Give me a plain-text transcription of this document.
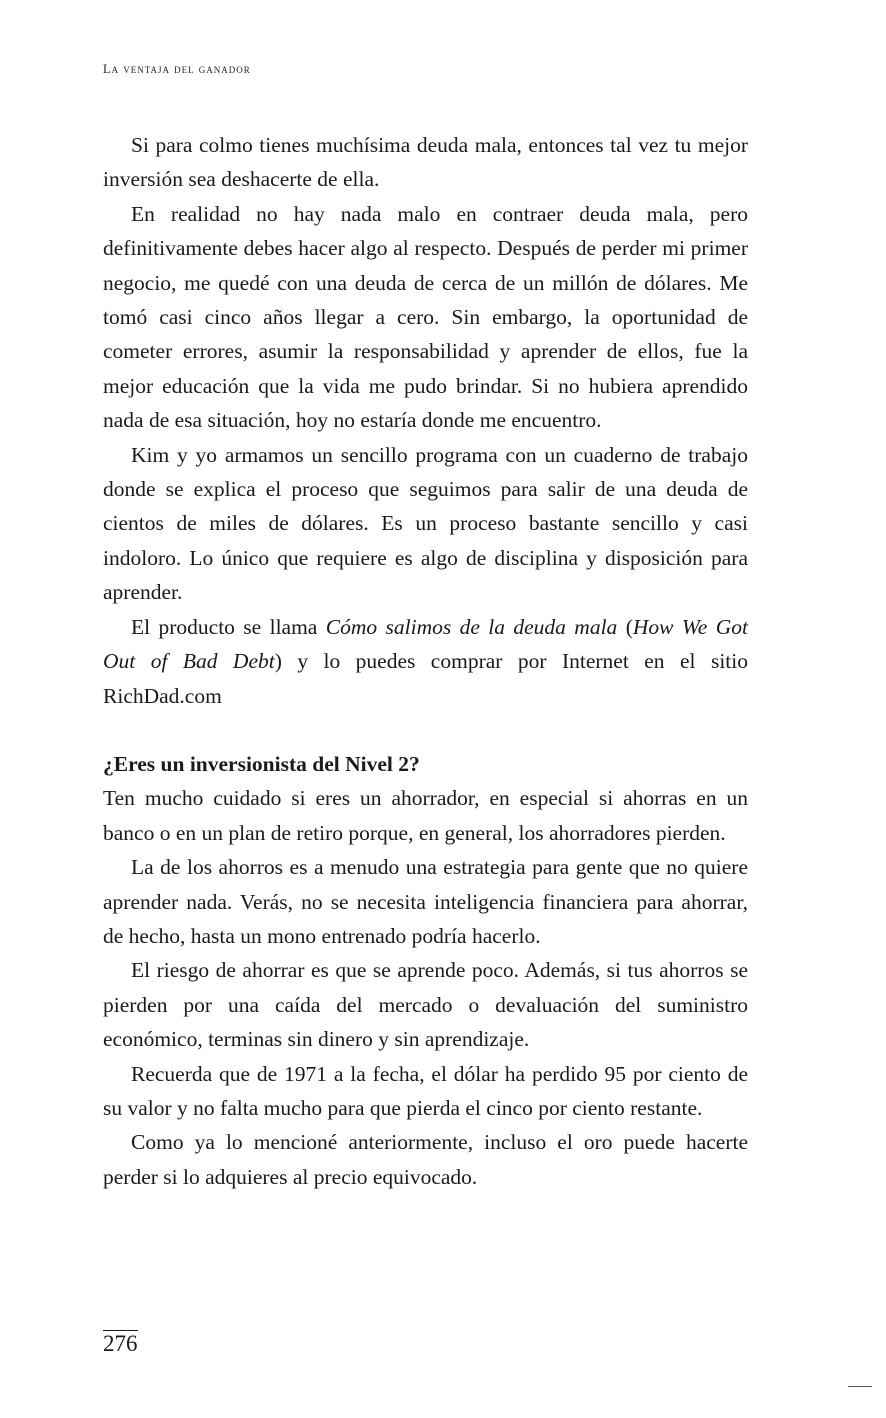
La ventaja del ganador

Si para colmo tienes muchísima deuda mala, entonces tal vez tu mejor inversión sea deshacerte de ella.

En realidad no hay nada malo en contraer deuda mala, pero definitivamente debes hacer algo al respecto. Después de perder mi primer negocio, me quedé con una deuda de cerca de un millón de dólares. Me tomó casi cinco años llegar a cero. Sin embargo, la oportunidad de cometer errores, asumir la responsabilidad y aprender de ellos, fue la mejor educación que la vida me pudo brindar. Si no hubiera aprendido nada de esa situación, hoy no estaría donde me encuentro.

Kim y yo armamos un sencillo programa con un cuaderno de trabajo donde se explica el proceso que seguimos para salir de una deuda de cientos de miles de dólares. Es un proceso bastante sencillo y casi indoloro. Lo único que requiere es algo de disciplina y disposición para aprender.

El producto se llama Cómo salimos de la deuda mala (How We Got Out of Bad Debt) y lo puedes comprar por Internet en el sitio RichDad.com

¿Eres un inversionista del Nivel 2?

Ten mucho cuidado si eres un ahorrador, en especial si ahorras en un banco o en un plan de retiro porque, en general, los ahorradores pierden.

La de los ahorros es a menudo una estrategia para gente que no quiere aprender nada. Verás, no se necesita inteligencia financiera para ahorrar, de hecho, hasta un mono entrenado podría hacerlo.

El riesgo de ahorrar es que se aprende poco. Además, si tus ahorros se pierden por una caída del mercado o devaluación del suministro económico, terminas sin dinero y sin aprendizaje.

Recuerda que de 1971 a la fecha, el dólar ha perdido 95 por ciento de su valor y no falta mucho para que pierda el cinco por ciento restante.

Como ya lo mencioné anteriormente, incluso el oro puede hacerte perder si lo adquieres al precio equivocado.

276
